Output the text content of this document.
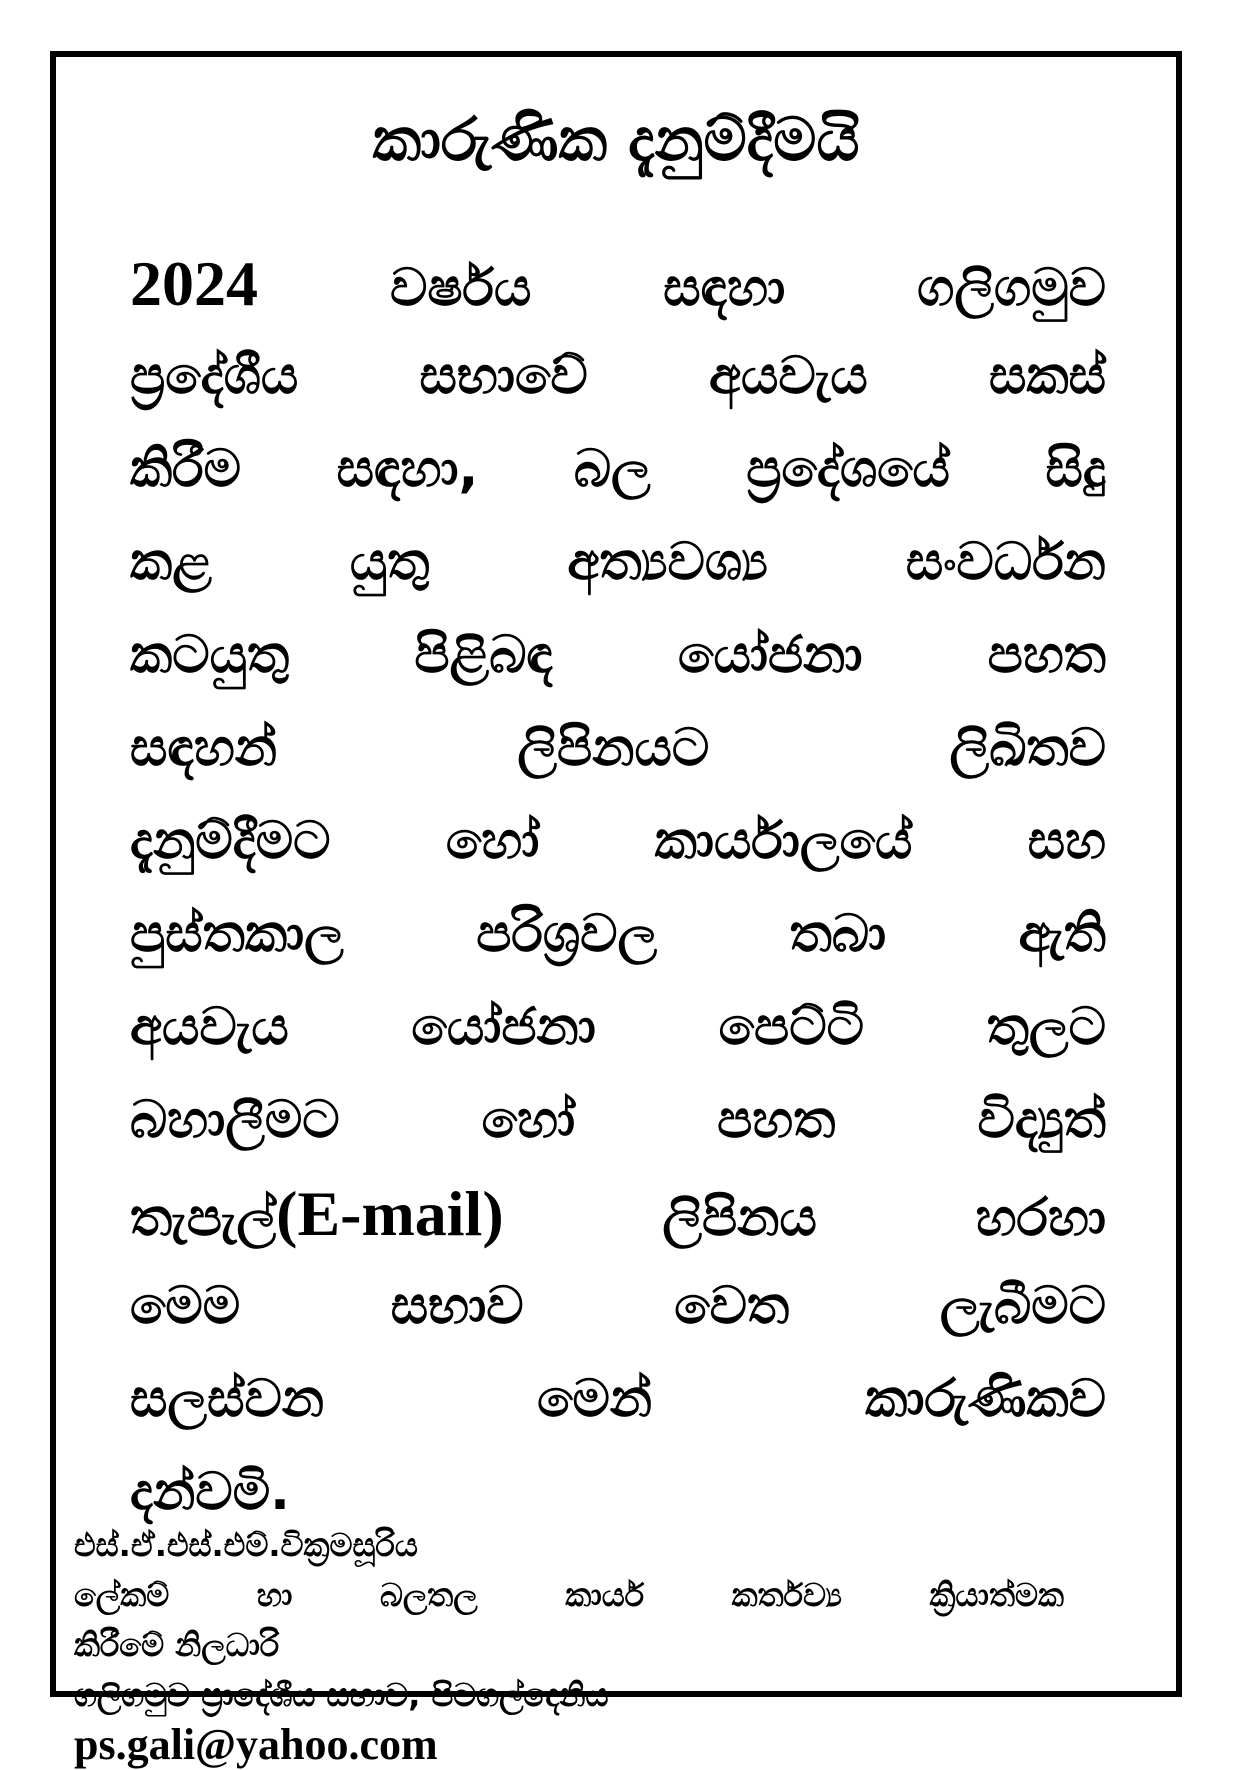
කාරුණික දැනුම්දීමයි
2024	වර්ෂය	සඳහා	ගලිගමුව
ප්‍රදේශීය සභාවේ අයවැය සකස්
කිරීම සඳහා, බල ප්‍රදේශයේ සිදු
කළ	යුතු	අත්‍යවශ්‍ය	සංවර්ධන
කටයුතු පිළිබඳ යෝජනා පහත
සඳහන්	ලිපිනයට	ලිඛිතව
දැනුම්දීමට හෝ කාර්යාලයේ සහ
පුස්තකාල	පරිශ්‍රවල	තබා	ඇති
අයවැය යෝජනා පෙට්ටි තුලට
බහාලීමට	හෝ	පහත	විද්‍යුත්
තැපැල්(E-mail)	ලිපිනය	හරහා
මෙම	සභාව	වෙත	ලැබීමට
සලස්වන	මෙන්	කාරුණිකව
දන්වමි.
එස්.ඒ.එස්.එම්.වික්‍රමසූරිය
ලේකම්	හා	බලතල	කාර්ය	කර්තව්‍ය	ක්‍රියාත්මක
කිරීමේ නිලධාරි
ගලිගමුව ප්‍රාදේශීය සභාව, පිටගල්දෙනිය
ps.gali@yahoo.com
